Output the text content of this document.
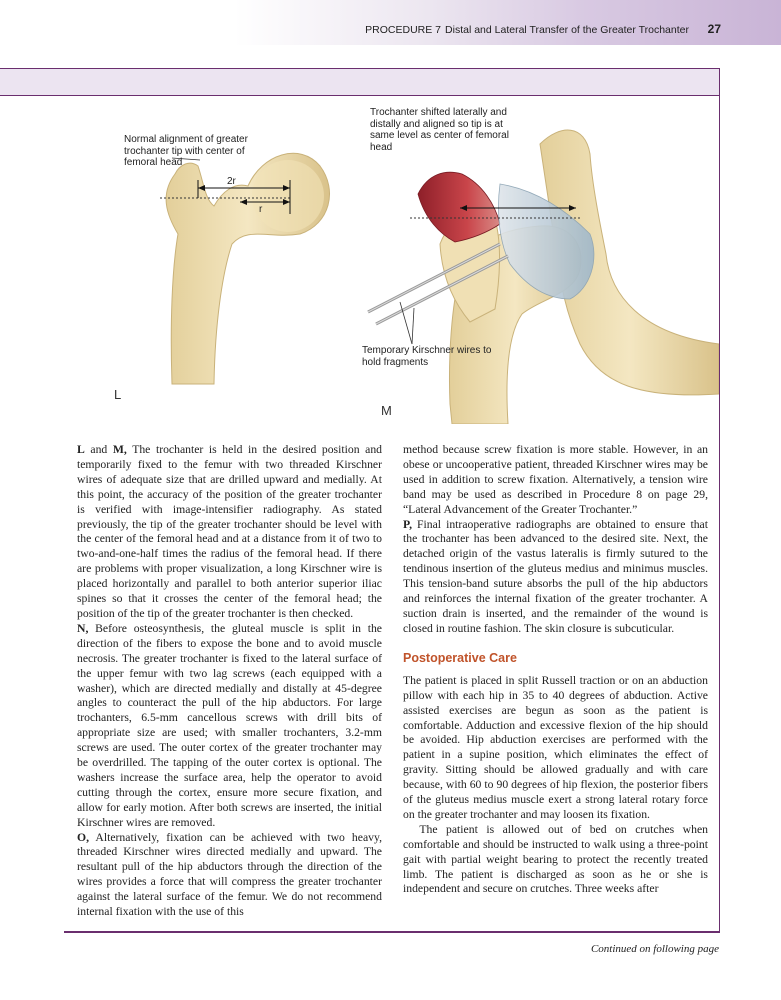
PROCEDURE 7 Distal and Lateral Transfer of the Greater Trochanter 27
Normal alignment of greater trochanter tip with center of femoral head
2r
r
L
Trochanter shifted laterally and distally and aligned so tip is at same level as center of femoral head
Temporary Kirschner wires to hold fragments
M

L and M, The trochanter is held in the desired position and temporarily fixed to the femur with two threaded Kirschner wires of adequate size that are drilled upward and medially. At this point, the accuracy of the position of the greater trochanter is verified with image-intensifier radiography. As stated previously, the tip of the greater trochanter should be level with the center of the femoral head and at a distance from it of two to two-and-one-half times the radius of the femoral head. If there are problems with proper visualization, a long Kirschner wire is placed horizontally and parallel to both anterior superior iliac spines so that it crosses the center of the femoral head; the position of the tip of the greater trochanter is then checked.

N, Before osteosynthesis, the gluteal muscle is split in the direction of the fibers to expose the bone and to avoid muscle necrosis. The greater trochanter is fixed to the lateral surface of the upper femur with two lag screws (each equipped with a washer), which are directed medially and distally at 45-degree angles to counteract the pull of the hip abductors. For large trochanters, 6.5-mm cancellous screws with drill bits of appropriate size are used; with smaller trochanters, 3.2-mm screws are used. The outer cortex of the greater trochanter may be overdrilled. The tapping of the outer cortex is optional. The washers increase the surface area, help the operator to avoid cutting through the cortex, ensure more secure fixation, and allow for early motion. After both screws are inserted, the initial Kirschner wires are removed.

O, Alternatively, fixation can be achieved with two heavy, threaded Kirschner wires directed medially and upward. The resultant pull of the hip abductors through the direction of the wires provides a force that will compress the greater trochanter against the lateral surface of the femur. We do not recommend internal fixation with the use of this

method because screw fixation is more stable. However, in an obese or uncooperative patient, threaded Kirschner wires may be used in addition to screw fixation. Alternatively, a tension wire band may be used as described in Procedure 8 on page 29, “Lateral Advancement of the Greater Trochanter.”

P, Final intraoperative radiographs are obtained to ensure that the trochanter has been advanced to the desired site. Next, the detached origin of the vastus lateralis is firmly sutured to the tendinous insertion of the gluteus medius and minimus muscles. This tension-band suture absorbs the pull of the hip abductors and reinforces the internal fixation of the greater trochanter. A suction drain is inserted, and the remainder of the wound is closed in routine fashion. The skin closure is subcuticular.

Postoperative Care

The patient is placed in split Russell traction or on an abduction pillow with each hip in 35 to 40 degrees of abduction. Active assisted exercises are begun as soon as the patient is comfortable. Adduction and excessive flexion of the hip should be avoided. Hip abduction exercises are performed with the patient in a supine position, which eliminates the effect of gravity. Sitting should be allowed gradually and with care because, with 60 to 90 degrees of hip flexion, the posterior fibers of the gluteus medius muscle exert a strong lateral rotary force on the greater trochanter and may loosen its fixation.

The patient is allowed out of bed on crutches when comfortable and should be instructed to walk using a three-point gait with partial weight bearing to protect the recently treated limb. The patient is discharged as soon as he or she is independent and secure on crutches. Three weeks after

Continued on following page
